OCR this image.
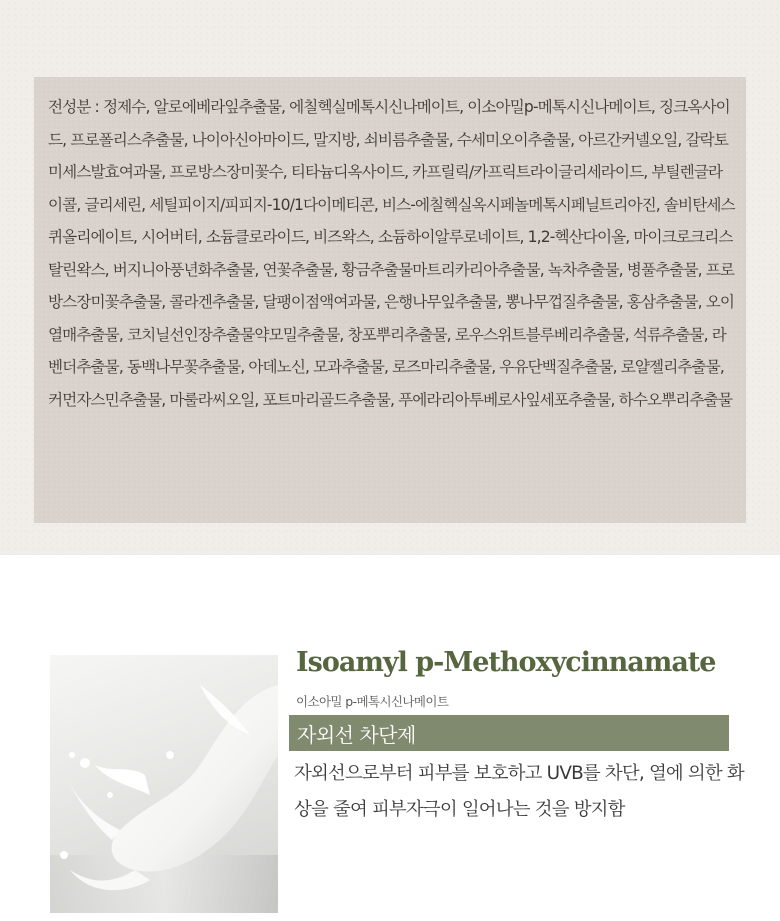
전성분 : 정제수, 알로에베라잎추출물, 에칠헥실메톡시신나메이트, 이소아밀p-메톡시신나메이트, 징크옥사이드, 프로폴리스추출물, 나이아신아마이드, 말지방, 쇠비름추출물, 수세미오이추출물, 아르간커넬오일, 갈락토미세스발효여과물, 프로방스장미꽃수, 티타늄디옥사이드, 카프릴릭/카프릭트라이글리세라이드, 부틸렌글라이콜, 글리세린, 세틸피이지/피피지-10/1다이메티콘, 비스-에칠헥실옥시페놀메톡시페닐트리아진, 솔비탄세스퀴올리에이트, 시어버터, 소듐클로라이드, 비즈왁스, 소듐하이알루로네이트, 1,2-헥산다이올, 마이크로크리스탈린왁스, 버지니아풍년화추출물, 연꽃추출물, 황금추출물마트리카리아추출물, 녹차추출물, 병풀추출물, 프로방스장미꽃추출물, 콜라겐추출물, 달팽이점액여과물, 은행나무잎추출물, 뽕나무껍질추출물, 홍삼추출물, 오이열매추출물, 코치닐선인장추출물약모밀추출물, 창포뿌리추출물, 로우스위트블루베리추출물, 석류추출물, 라벤더추출물, 동백나무꽃추출물, 아데노신, 모과추출물, 로즈마리추출물, 우유단백질추출물, 로얄젤리추출물, 커먼자스민추출물, 마룰라씨오일, 포트마리골드추출물, 푸에라리아투베로사잎세포추출물, 하수오뿌리추출물

Isoamyl p-Methoxycinnamate
이소아밀 p-메톡시신나메이트
자외선 차단제

자외선으로부터 피부를 보호하고 UVB를 차단, 열에 의한 화상을 줄여 피부자극이 일어나는 것을 방지함
